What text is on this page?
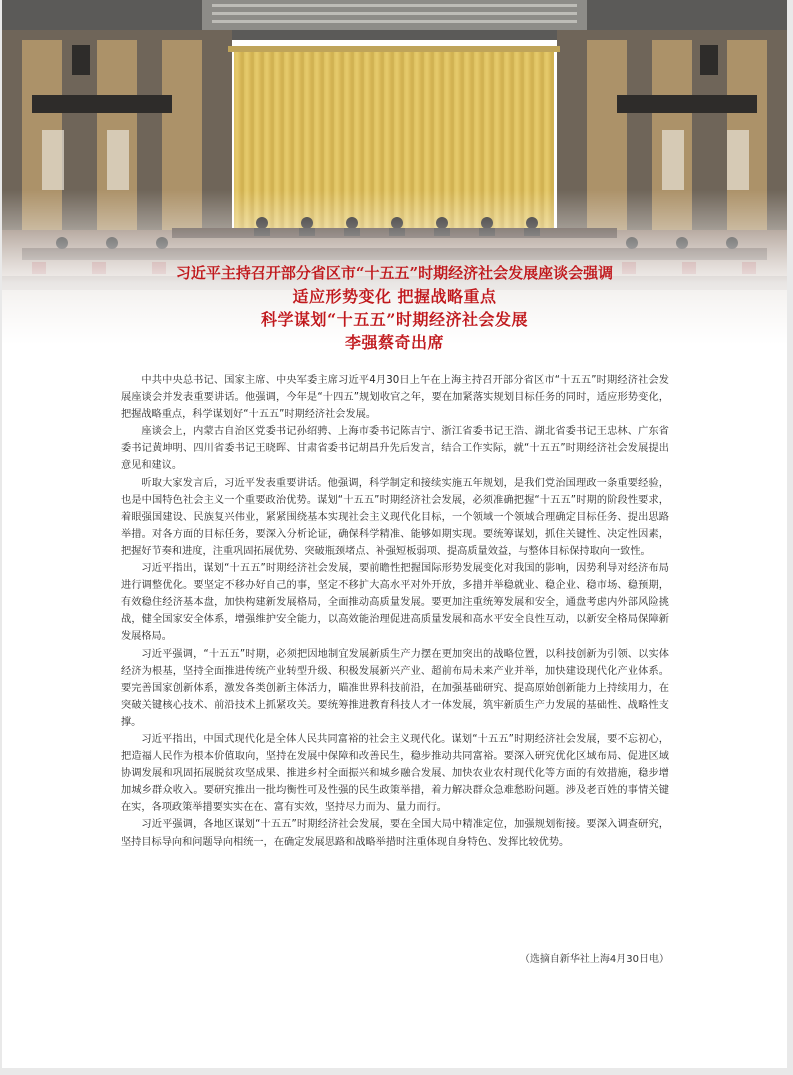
习近平主持召开部分省区市“十五五”时期经济社会发展座谈会强调
适应形势变化 把握战略重点
科学谋划“十五五”时期经济社会发展
李强蔡奇出席

中共中央总书记、国家主席、中央军委主席习近平4月30日上午在上海主持召开部分省区市“十五五”时期经济社会发展座谈会并发表重要讲话。他强调，今年是“十四五”规划收官之年，要在加紧落实规划目标任务的同时，适应形势变化，把握战略重点，科学谋划好“十五五”时期经济社会发展。

座谈会上，内蒙古自治区党委书记孙绍骋、上海市委书记陈吉宁、浙江省委书记王浩、湖北省委书记王忠林、广东省委书记黄坤明、四川省委书记王晓晖、甘肃省委书记胡昌升先后发言，结合工作实际，就“十五五”时期经济社会发展提出意见和建议。

听取大家发言后，习近平发表重要讲话。他强调，科学制定和接续实施五年规划，是我们党治国理政一条重要经验，也是中国特色社会主义一个重要政治优势。谋划“十五五”时期经济社会发展，必须准确把握“十五五”时期的阶段性要求，着眼强国建设、民族复兴伟业，紧紧围绕基本实现社会主义现代化目标，一个领域一个领域合理确定目标任务、提出思路举措。对各方面的目标任务，要深入分析论证，确保科学精准、能够如期实现。要统筹谋划，抓住关键性、决定性因素，把握好节奏和进度，注重巩固拓展优势、突破瓶颈堵点、补强短板弱项、提高质量效益，与整体目标保持取向一致性。

习近平指出，谋划“十五五”时期经济社会发展，要前瞻性把握国际形势发展变化对我国的影响，因势利导对经济布局进行调整优化。要坚定不移办好自己的事，坚定不移扩大高水平对外开放，多措并举稳就业、稳企业、稳市场、稳预期，有效稳住经济基本盘，加快构建新发展格局，全面推动高质量发展。要更加注重统筹发展和安全，通盘考虑内外部风险挑战，健全国家安全体系，增强维护安全能力，以高效能治理促进高质量发展和高水平安全良性互动，以新安全格局保障新发展格局。

习近平强调，“十五五”时期，必须把因地制宜发展新质生产力摆在更加突出的战略位置，以科技创新为引领、以实体经济为根基，坚持全面推进传统产业转型升级、积极发展新兴产业、超前布局未来产业并举，加快建设现代化产业体系。要完善国家创新体系，激发各类创新主体活力，瞄准世界科技前沿，在加强基础研究、提高原始创新能力上持续用力，在突破关键核心技术、前沿技术上抓紧攻关。要统筹推进教育科技人才一体发展，筑牢新质生产力发展的基础性、战略性支撑。

习近平指出，中国式现代化是全体人民共同富裕的社会主义现代化。谋划“十五五”时期经济社会发展，要不忘初心，把造福人民作为根本价值取向，坚持在发展中保障和改善民生，稳步推动共同富裕。要深入研究优化区域布局、促进区域协调发展和巩固拓展脱贫攻坚成果、推进乡村全面振兴和城乡融合发展、加快农业农村现代化等方面的有效措施，稳步增加城乡群众收入。要研究推出一批均衡性可及性强的民生政策举措，着力解决群众急难愁盼问题。涉及老百姓的事情关键在实，各项政策举措要实实在在、富有实效，坚持尽力而为、量力而行。

习近平强调，各地区谋划“十五五”时期经济社会发展，要在全国大局中精准定位，加强规划衔接。要深入调查研究，坚持目标导向和问题导向相统一，在确定发展思路和战略举措时注重体现自身特色、发挥比较优势。

（选摘自新华社上海4月30日电）
